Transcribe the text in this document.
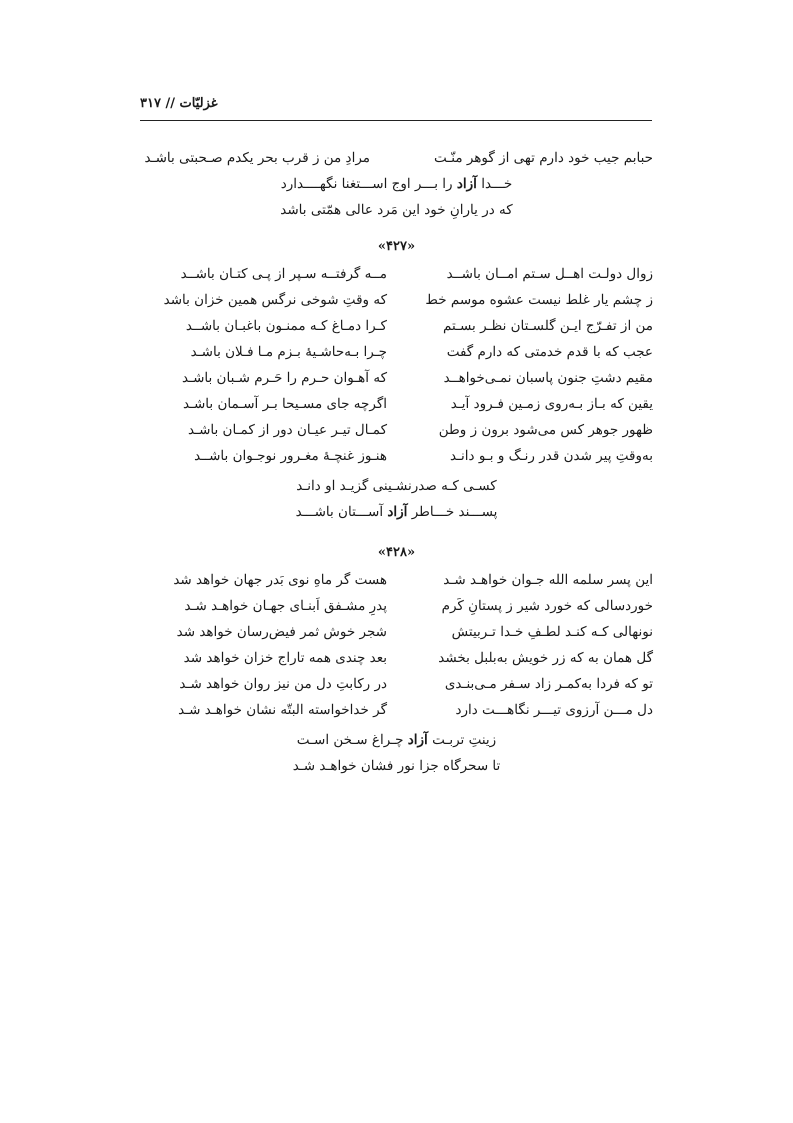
غزلیّات // ۳۱۷
حبابم جیب خود دارم تهی از گوهر منّـت
مرادِ من ز قرب بحر یکدم صـحبتی باشـد
خـــدا آزاد را بـــر اوج اســـتغنا نگهــــدارد
که در یارانِ خود این مَرد عالی همّتی باشد
«۴۲۷»
زوال دولـت اهــل سـتم امــان باشــد
مــه گرفتــه سـپر از پـی کتـان باشــد
ز چشم یار غلط نیست عشوه موسم خط
که وقتِ شوخی نرگس همین خزان باشد
من از تفـرّج ایـن گلسـتان نظـر بسـتم
کـرا دمـاغ کـه ممنـون باغبـان باشــد
عجب که با قدم خدمتی که دارم گفت
چـرا بـه‌حاشـیهٔ بـزم مـا فـلان باشـد
مقیم دشتِ جنون پاسبان نمـی‌خواهــد
که آهـوان حـرم را حَـرم شـبان باشـد
یقین که بـاز بـه‌روی زمـین فـرود آیـد
اگرچه جای مسـیحا بـر آسـمان باشـد
ظهور جوهر کس می‌شود برون ز وطن
کمـال تیـر عیـان دور از کمـان باشـد
به‌وقتِ پیر شدن قدر رنـگ و بـو دانـد
هنـوز غنچـهٔ مغـرور نوجـوان باشــد
کسـی کـه صدرنشـینی گزیـد او دانـد
پســـند خـــاطر آزاد آســـتان باشـــد
«۴۲۸»
این پسر سلمه الله جـوان خواهـد شـد
هست گر ماهِ نوی بَدر جهان خواهد شد
خوردسالی که خورد شیر ز پستانِ کَرم
پدرِ مشـفق اَبنـای جهـان خواهـد شـد
نونهالی کـه کنـد لطـفِ خـدا تـربیتش
شجر خوش ثمر فیض‌رسان خواهد شد
گل همان به که زر خویش به‌بلبل بخشد
بعد چندی همه تاراج خزان خواهد شد
تو که فردا به‌کمـر زاد سـفر مـی‌بنـدی
در رکابتِ دل من نیز روان خواهد شـد
دل مـــن آرزوی تیـــر نگاهـــت دارد
گر خداخواسته البتّه نشان خواهـد شـد
زینتِ تربـت آزاد چـراغ سـخن اسـت
تا سحرگاه جزا نور فشان خواهـد شـد
